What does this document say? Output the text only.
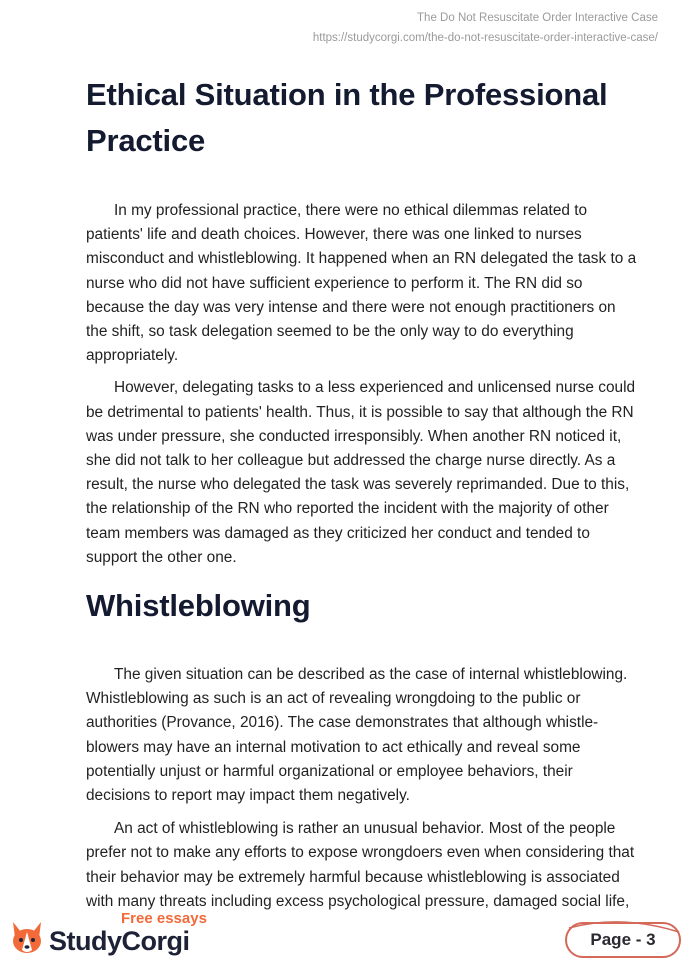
The Do Not Resuscitate Order Interactive Case
https://studycorgi.com/the-do-not-resuscitate-order-interactive-case/
Ethical Situation in the Professional
Practice
In my professional practice, there were no ethical dilemmas related to
patients' life and death choices. However, there was one linked to nurses
misconduct and whistleblowing. It happened when an RN delegated the task to a
nurse who did not have sufficient experience to perform it. The RN did so
because the day was very intense and there were not enough practitioners on
the shift, so task delegation seemed to be the only way to do everything
appropriately.
However, delegating tasks to a less experienced and unlicensed nurse could
be detrimental to patients' health. Thus, it is possible to say that although the RN
was under pressure, she conducted irresponsibly. When another RN noticed it,
she did not talk to her colleague but addressed the charge nurse directly. As a
result, the nurse who delegated the task was severely reprimanded. Due to this,
the relationship of the RN who reported the incident with the majority of other
team members was damaged as they criticized her conduct and tended to
support the other one.
Whistleblowing
The given situation can be described as the case of internal whistleblowing.
Whistleblowing as such is an act of revealing wrongdoing to the public or
authorities (Provance, 2016). The case demonstrates that although whistle-
blowers may have an internal motivation to act ethically and reveal some
potentially unjust or harmful organizational or employee behaviors, their
decisions to report may impact them negatively.
An act of whistleblowing is rather an unusual behavior. Most of the people
prefer not to make any efforts to expose wrongdoers even when considering that
their behavior may be extremely harmful because whistleblowing is associated
with many threats including excess psychological pressure, damaged social life,
Free essays
StudyCorgi	Page - 3
